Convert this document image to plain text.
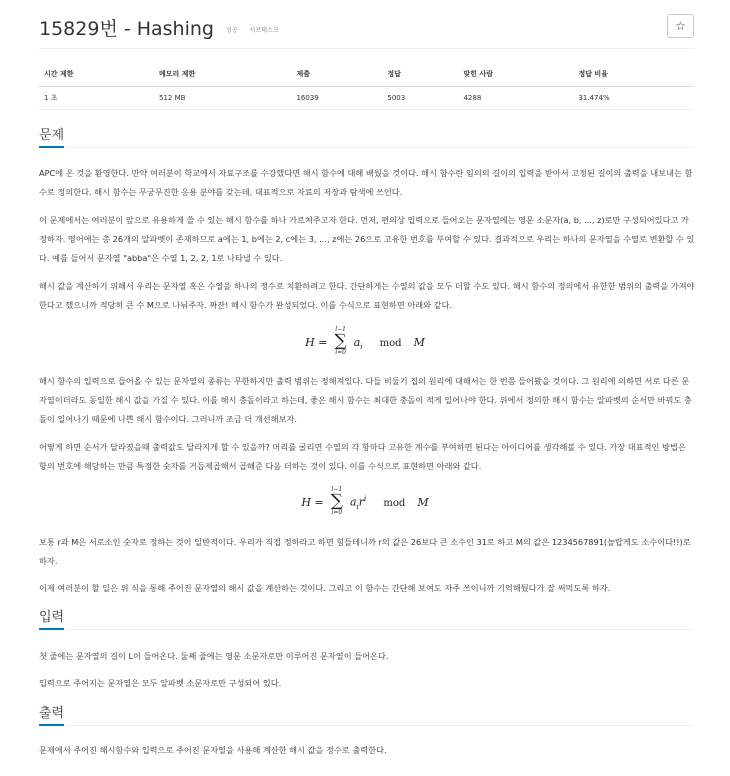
15829번 - Hashing 성공 서브태스크	☆
시간 제한	메모리 제한	제출	정답	맞힌 사람	정답 비율
1 초	512 MB	16039	5003	4288	31.474%
문제
APC에 온 것을 환영한다. 만약 여러분이 학교에서 자료구조를 수강했다면 해시 함수에 대해 배웠을 것이다. 해시 함수란 임의의 길이의 입력을 받아서 고정된 길이의 출력을 내보내는 함수로 정의한다. 해시 함수는 무궁무진한 응용 분야를 갖는데, 대표적으로 자료의 저장과 탐색에 쓰인다.
이 문제에서는 여러분이 앞으로 유용하게 쓸 수 있는 해시 함수를 하나 가르쳐주고자 한다. 먼저, 편의상 입력으로 들어오는 문자열에는 영문 소문자(a, b, ..., z)로만 구성되어있다고 가정하자. 영어에는 총 26개의 알파벳이 존재하므로 a에는 1, b에는 2, c에는 3, ..., z에는 26으로 고유한 번호를 부여할 수 있다. 결과적으로 우리는 하나의 문자열을 수열로 변환할 수 있다. 예를 들어서 문자열 "abba"은 수열 1, 2, 2, 1로 나타낼 수 있다.
해시 값을 계산하기 위해서 우리는 문자열 혹은 수열을 하나의 정수로 치환하려고 한다. 간단하게는 수열의 값을 모두 더할 수도 있다. 해시 함수의 정의에서 유한한 범위의 출력을 가져야 한다고 했으니까 적당히 큰 수 M으로 나눠주자. 짜잔! 해시 함수가 완성되었다. 이를 수식으로 표현하면 아래와 같다.
H =
l−1
∑
i=0
$a_i$ mod M
해시 함수의 입력으로 들어올 수 있는 문자열의 종류는 무한하지만 출력 범위는 정해져있다. 다들 비둘기 집의 원리에 대해서는 한 번쯤 들어봤을 것이다. 그 원리에 의하면 서로 다른 문자열이더라도 동일한 해시 값을 가질 수 있다. 이를 해시 충돌이라고 하는데, 좋은 해시 함수는 최대한 충돌이 적게 일어나야 한다. 위에서 정의한 해시 함수는 알파벳의 순서만 바꿔도 충돌이 일어나기 때문에 나쁜 해시 함수이다. 그러니까 조금 더 개선해보자.
어떻게 하면 순서가 달라졌을때 출력값도 달라지게 할 수 있을까? 머리를 굴리면 수열의 각 항마다 고유한 계수를 부여하면 된다는 아이디어를 생각해볼 수 있다. 가장 대표적인 방법은 항의 번호에 해당하는 만큼 특정한 숫자를 거듭제곱해서 곱해준 다음 더하는 것이 있다. 이를 수식으로 표현하면 아래와 같다.
H =
l−1
∑
i=0
$a_ir^i$ mod M
보통 r과 M은 서로소인 숫자로 정하는 것이 일반적이다. 우리가 직접 정하라고 하면 힘들테니까 r의 값은 26보다 큰 소수인 31로 하고 M의 값은 1234567891(놀랍게도 소수이다!!)로 하자.
이제 여러분이 할 일은 위 식을 통해 주어진 문자열의 해시 값을 계산하는 것이다. 그리고 이 함수는 간단해 보여도 자주 쓰이니까 기억해뒀다가 잘 써먹도록 하자.
입력
첫 줄에는 문자열의 길이 L이 들어온다. 둘째 줄에는 영문 소문자로만 이루어진 문자열이 들어온다.
입력으로 주어지는 문자열은 모두 알파벳 소문자로만 구성되어 있다.
출력
문제에서 주어진 해시함수와 입력으로 주어진 문자열을 사용해 계산한 해시 값을 정수로 출력한다.
